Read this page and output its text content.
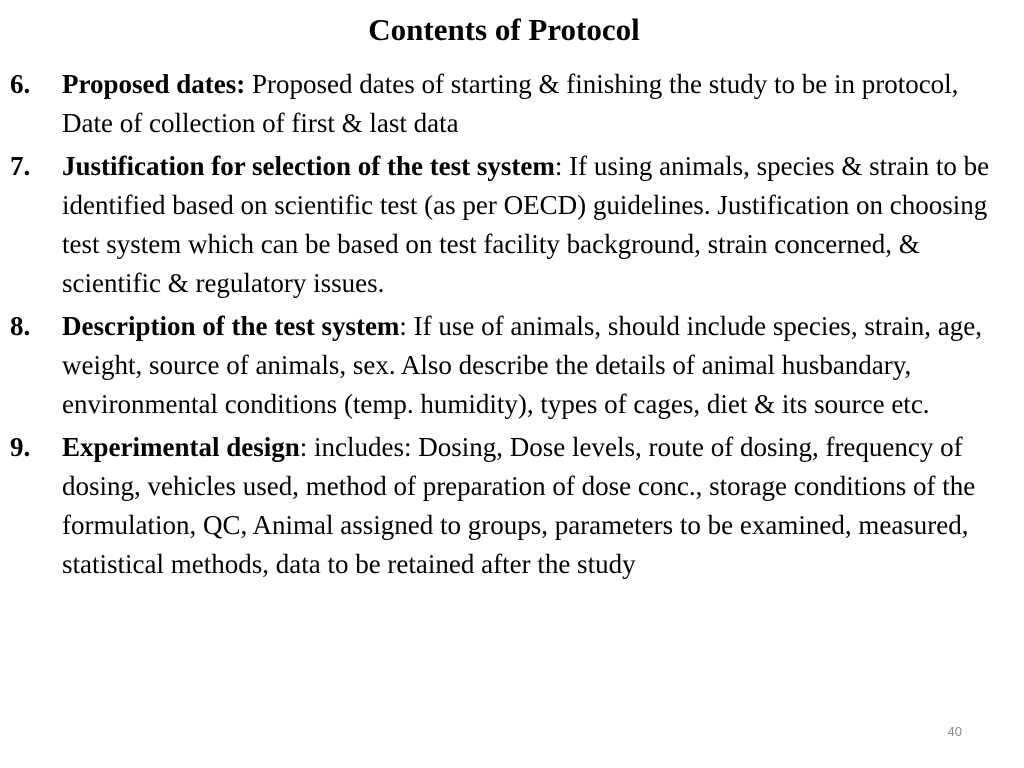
Contents of Protocol
6.	Proposed dates: Proposed dates of starting & finishing the study to be in protocol, Date of collection of first & last data
7.	Justification for selection of the test system: If using animals, species & strain to be identified based on scientific test (as per OECD) guidelines. Justification on choosing test system which can be based on test facility background, strain concerned, & scientific & regulatory issues.
8.	Description of the test system: If use of animals, should include species, strain, age, weight, source of animals, sex. Also describe the details of animal husbandary, environmental conditions (temp. humidity), types of cages, diet & its source etc.
9.	Experimental design: includes: Dosing, Dose levels, route of dosing, frequency of dosing, vehicles used, method of preparation of dose conc., storage conditions of the formulation, QC, Animal assigned to groups, parameters to be examined, measured, statistical methods, data to be retained after the study
40
